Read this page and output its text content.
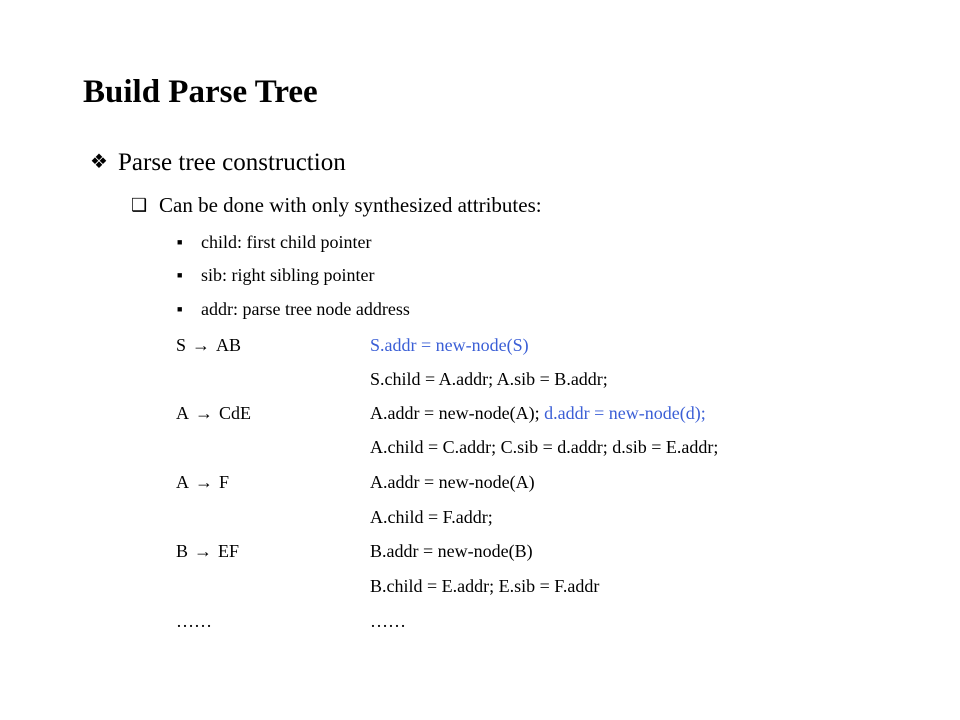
Build Parse Tree
❖ Parse tree construction
❑ Can be done with only synthesized attributes:
■ child: first child pointer
■ sib: right sibling pointer
■ addr: parse tree node address
S → AB	S.addr = new-node(S)
S.child = A.addr; A.sib = B.addr;
A → CdE	A.addr = new-node(A); d.addr = new-node(d);
A.child = C.addr; C.sib = d.addr; d.sib = E.addr;
A → F	A.addr = new-node(A)
A.child = F.addr;
B → EF	B.addr = new-node(B)
B.child = E.addr; E.sib = F.addr
……	……
